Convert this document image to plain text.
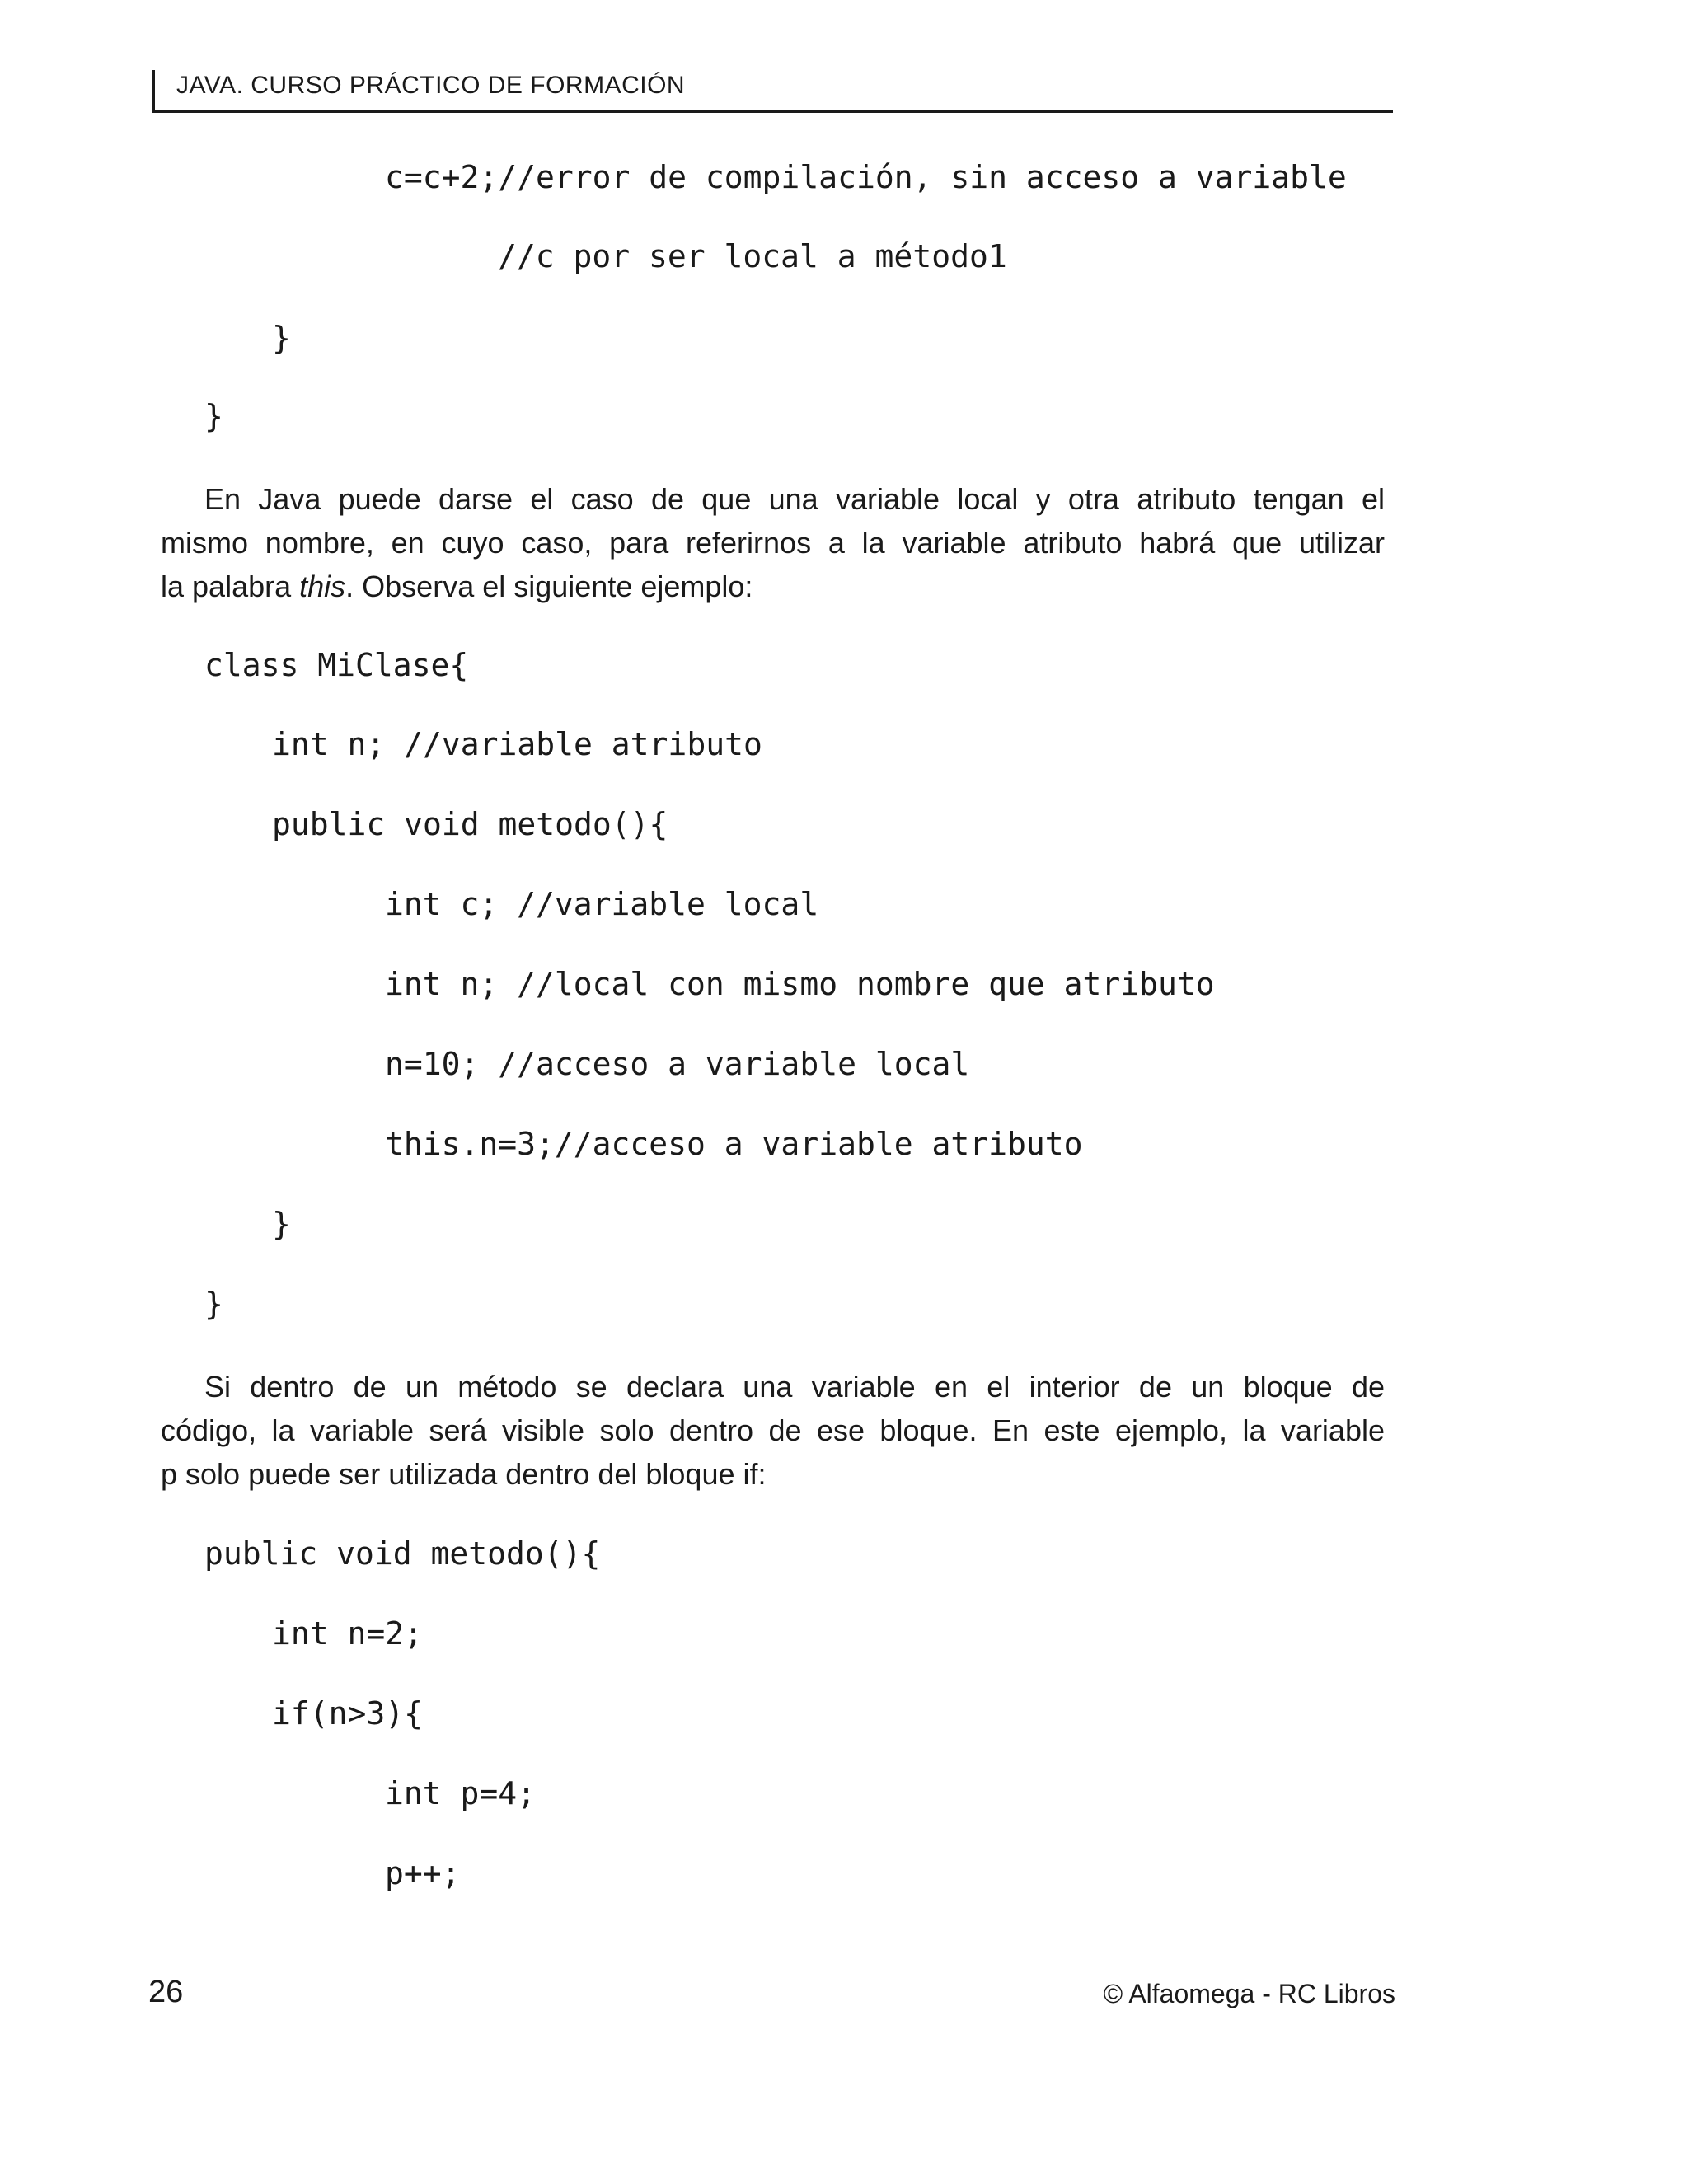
JAVA. CURSO PRÁCTICO DE FORMACIÓN
c=c+2;//error de compilación, sin acceso a variable
//c por ser local a método1
}
}
En Java puede darse el caso de que una variable local y otra atributo tengan el
mismo nombre, en cuyo caso, para referirnos a la variable atributo habrá que utilizar
la palabra this. Observa el siguiente ejemplo:
class MiClase{
int n; //variable atributo
public void metodo(){
int c; //variable local
int n; //local con mismo nombre que atributo
n=10; //acceso a variable local
this.n=3;//acceso a variable atributo
}
}
Si dentro de un método se declara una variable en el interior de un bloque de
código, la variable será visible solo dentro de ese bloque. En este ejemplo, la variable
p solo puede ser utilizada dentro del bloque if:
public void metodo(){
int n=2;
if(n>3){
int p=4;
p++;
26	© Alfaomega - RC Libros
